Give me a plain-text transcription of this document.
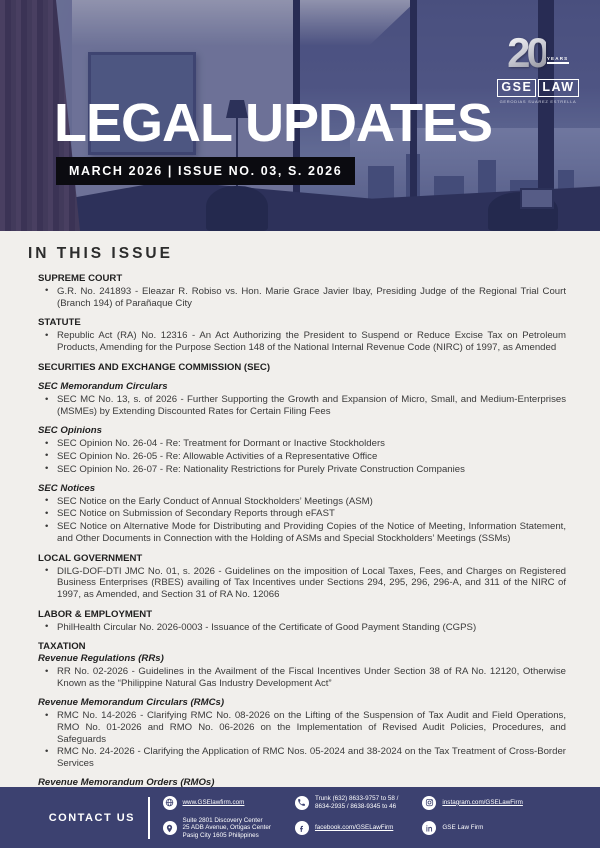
20 YEARS
GSE LAW
GERODIAS SUAREZ ESTRELLA
LEGAL UPDATES
MARCH 2026 | ISSUE NO. 03, S. 2026
IN THIS ISSUE
SUPREME COURT
• G.R. No. 241893 - Eleazar R. Robiso vs. Hon. Marie Grace Javier Ibay, Presiding Judge of the Regional Trial Court (Branch 194) of Parañaque City
STATUTE
• Republic Act (RA) No. 12316 - An Act Authorizing the President to Suspend or Reduce Excise Tax on Petroleum Products, Amending for the Purpose Section 148 of the National Internal Revenue Code (NIRC) of 1997, as Amended
SECURITIES AND EXCHANGE COMMISSION (SEC)
SEC Memorandum Circulars
• SEC MC No. 13, s. of 2026 - Further Supporting the Growth and Expansion of Micro, Small, and Medium-Enterprises (MSMEs) by Extending Discounted Rates for Certain Filing Fees
SEC Opinions
• SEC Opinion No. 26-04 - Re: Treatment for Dormant or Inactive Stockholders
• SEC Opinion No. 26-05 - Re: Allowable Activities of a Representative Office
• SEC Opinion No. 26-07 - Re: Nationality Restrictions for Purely Private Construction Companies
SEC Notices
• SEC Notice on the Early Conduct of Annual Stockholders’ Meetings (ASM)
• SEC Notice on Submission of Secondary Reports through eFAST
• SEC Notice on Alternative Mode for Distributing and Providing Copies of the Notice of Meeting, Information Statement, and Other Documents in Connection with the Holding of ASMs and Special Stockholders’ Meetings (SSMs)
LOCAL GOVERNMENT
• DILG-DOF-DTI JMC No. 01, s. 2026 - Guidelines on the imposition of Local Taxes, Fees, and Charges on Registered Business Enterprises (RBES) availing of Tax Incentives under Sections 294, 295, 296, 296-A, and 311 of the NIRC of 1997, as Amended, and Section 31 of RA No. 12066
LABOR & EMPLOYMENT
• PhilHealth Circular No. 2026-0003 - Issuance of the Certificate of Good Payment Standing (CGPS)
TAXATION
Revenue Regulations (RRs)
• RR No. 02-2026 - Guidelines in the Availment of the Fiscal Incentives Under Section 38 of RA No. 12120, Otherwise Known as the “Philippine Natural Gas Industry Development Act”
Revenue Memorandum Circulars (RMCs)
• RMC No. 14-2026 - Clarifying RMC No. 08-2026 on the Lifting of the Suspension of Tax Audit and Field Operations, RMO No. 01-2026 and RMO No. 06-2026 on the Implementation of Revised Audit Policies, Procedures, and Safeguards
• RMC No. 24-2026 - Clarifying the Application of RMC Nos. 05-2024 and 38-2024 on the Tax Treatment of Cross-Border Services
Revenue Memorandum Orders (RMOs)
CONTACT US
www.GSElawfirm.com
Suite 2801 Discovery Center
25 ADB Avenue, Ortigas Center
Pasig City 1605 Philippines
Trunk (632) 8633-9757 to 58 /
8634-2935 / 8638-9345 to 46
facebook.com/GSELawFirm
instagram.com/GSELawFirm
GSE Law Firm
